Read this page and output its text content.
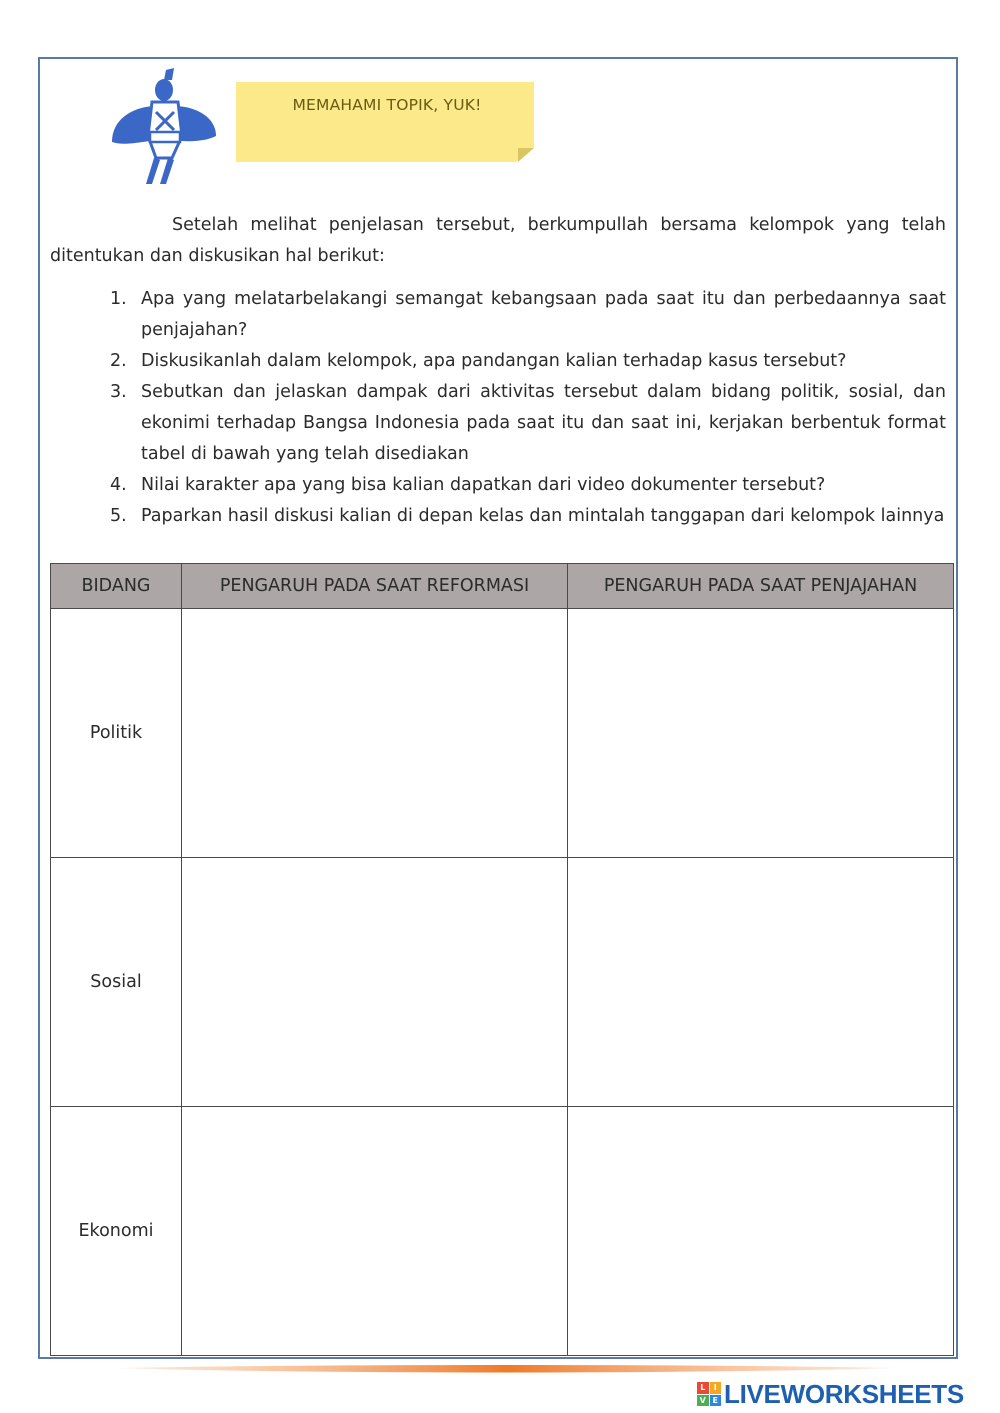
MEMAHAMI TOPIK, YUK!

Setelah melihat penjelasan tersebut, berkumpullah bersama kelompok yang telah ditentukan dan diskusikan hal berikut:

1. Apa yang melatarbelakangi semangat kebangsaan pada saat itu dan perbedaannya saat penjajahan?
2. Diskusikanlah dalam kelompok, apa pandangan kalian terhadap kasus tersebut?
3. Sebutkan dan jelaskan dampak dari aktivitas tersebut dalam bidang politik, sosial, dan ekonimi terhadap Bangsa Indonesia pada saat itu dan saat ini, kerjakan berbentuk format tabel di bawah yang telah disediakan
4. Nilai karakter apa yang bisa kalian dapatkan dari video dokumenter tersebut?
5. Paparkan hasil diskusi kalian di depan kelas dan mintalah tanggapan dari kelompok lainnya
BIDANG	PENGARUH PADA SAAT REFORMASI	PENGARUH PADA SAAT PENJAJAHAN
Politik		
Sosial		
Ekonomi		
L	I
V E LIVEWORKSHEETS
